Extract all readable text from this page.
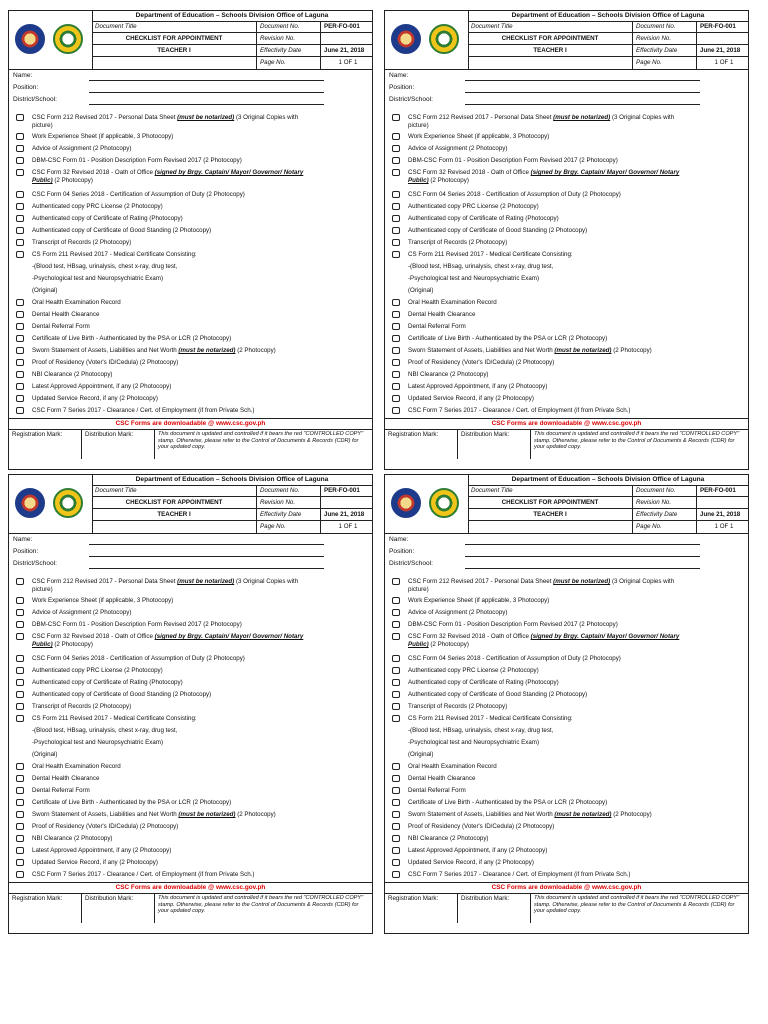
Department of Education – Schools Division Office of Laguna
Document Title	Document No.	PER-FO-001
CHECKLIST FOR APPOINTMENT	Revision No.
TEACHER I	Effectivity Date	June 21, 2018
Page No.	1 OF 1
Name:
Position:
District/School:
CSC Form 212 Revised 2017 - Personal Data Sheet (must be notarized) (3 Original Copies with
picture)
Work Experience Sheet (if applicable, 3 Photocopy)
Advice of Assignment (2 Photocopy)
DBM-CSC Form 01 - Position Description Form Revised 2017 (2 Photocopy)
CSC Form 32 Revised 2018 - Oath of Office (signed by Brgy. Captain/ Mayor/ Governor/ Notary
Public) (2 Photocopy)
CSC Form 04 Series 2018 - Certification of Assumption of Duty (2 Photocopy)
Authenticated copy PRC License (2 Photocopy)
Authenticated copy of Certificate of Rating (Photocopy)
Authenticated copy of Certificate of Good Standing (2 Photocopy)
Transcript of Records (2 Photocopy)
CS Form 211 Revised 2017 - Medical Certificate Consisting:
-(Blood test, HBsag, urinalysis, chest x-ray, drug test,
-Psychological test and Neuropsychiatric Exam)
(Original)
Oral Health Examination Record
Dental Health Clearance
Dental Referral Form
Certificate of Live Birth - Authenticated by the PSA or LCR (2 Photocopy)
Sworn Statement of Assets, Liabilities and Net Worth (must be notarized) (2 Photocopy)
Proof of Residency (Voter's ID/Cedula) (2 Photocopy)
NBI Clearance (2 Photocopy)
Latest Approved Appointment, if any (2 Photocopy)
Updated Service Record, if any (2 Photocopy)
CSC Form 7 Series 2017 - Clearance / Cert. of Employment (if from Private Sch.)
CSC Forms are downloadable @ www.csc.gov.ph
Registration Mark:	Distribution Mark:	This document is updated and controlled if it bears the red "CONTROLLED COPY" stamp. Otherwise, please refer to the Control of Documents & Records (CDR) for your updated copy.
Department of Education – Schools Division Office of Laguna
Document Title	Document No.	PER-FO-001
CHECKLIST FOR APPOINTMENT	Revision No.
TEACHER I	Effectivity Date	June 21, 2018
Page No.	1 OF 1
Name:
Position:
District/School:
CSC Form 212 Revised 2017 - Personal Data Sheet (must be notarized) (3 Original Copies with
picture)
Work Experience Sheet (if applicable, 3 Photocopy)
Advice of Assignment (2 Photocopy)
DBM-CSC Form 01 - Position Description Form Revised 2017 (2 Photocopy)
CSC Form 32 Revised 2018 - Oath of Office (signed by Brgy. Captain/ Mayor/ Governor/ Notary
Public) (2 Photocopy)
CSC Form 04 Series 2018 - Certification of Assumption of Duty (2 Photocopy)
Authenticated copy PRC License (2 Photocopy)
Authenticated copy of Certificate of Rating (Photocopy)
Authenticated copy of Certificate of Good Standing (2 Photocopy)
Transcript of Records (2 Photocopy)
CS Form 211 Revised 2017 - Medical Certificate Consisting:
-(Blood test, HBsag, urinalysis, chest x-ray, drug test,
-Psychological test and Neuropsychiatric Exam)
(Original)
Oral Health Examination Record
Dental Health Clearance
Dental Referral Form
Certificate of Live Birth - Authenticated by the PSA or LCR (2 Photocopy)
Sworn Statement of Assets, Liabilities and Net Worth (must be notarized) (2 Photocopy)
Proof of Residency (Voter's ID/Cedula) (2 Photocopy)
NBI Clearance (2 Photocopy)
Latest Approved Appointment, if any (2 Photocopy)
Updated Service Record, if any (2 Photocopy)
CSC Form 7 Series 2017 - Clearance / Cert. of Employment (if from Private Sch.)
CSC Forms are downloadable @ www.csc.gov.ph
Registration Mark:	Distribution Mark:	This document is updated and controlled if it bears the red "CONTROLLED COPY" stamp. Otherwise, please refer to the Control of Documents & Records (CDR) for your updated copy.
Department of Education – Schools Division Office of Laguna
Document Title	Document No.	PER-FO-001
CHECKLIST FOR APPOINTMENT	Revision No.
TEACHER I	Effectivity Date	June 21, 2018
Page No.	1 OF 1
Name:
Position:
District/School:
CSC Form 212 Revised 2017 - Personal Data Sheet (must be notarized) (3 Original Copies with
picture)
Work Experience Sheet (if applicable, 3 Photocopy)
Advice of Assignment (2 Photocopy)
DBM-CSC Form 01 - Position Description Form Revised 2017 (2 Photocopy)
CSC Form 32 Revised 2018 - Oath of Office (signed by Brgy. Captain/ Mayor/ Governor/ Notary
Public) (2 Photocopy)
CSC Form 04 Series 2018 - Certification of Assumption of Duty (2 Photocopy)
Authenticated copy PRC License (2 Photocopy)
Authenticated copy of Certificate of Rating (Photocopy)
Authenticated copy of Certificate of Good Standing (2 Photocopy)
Transcript of Records (2 Photocopy)
CS Form 211 Revised 2017 - Medical Certificate Consisting:
-(Blood test, HBsag, urinalysis, chest x-ray, drug test,
-Psychological test and Neuropsychiatric Exam)
(Original)
Oral Health Examination Record
Dental Health Clearance
Dental Referral Form
Certificate of Live Birth - Authenticated by the PSA or LCR (2 Photocopy)
Sworn Statement of Assets, Liabilities and Net Worth (must be notarized) (2 Photocopy)
Proof of Residency (Voter's ID/Cedula) (2 Photocopy)
NBI Clearance (2 Photocopy)
Latest Approved Appointment, if any (2 Photocopy)
Updated Service Record, if any (2 Photocopy)
CSC Form 7 Series 2017 - Clearance / Cert. of Employment (if from Private Sch.)
CSC Forms are downloadable @ www.csc.gov.ph
Registration Mark:	Distribution Mark:	This document is updated and controlled if it bears the red "CONTROLLED COPY" stamp. Otherwise, please refer to the Control of Documents & Records (CDR) for your updated copy.
Department of Education – Schools Division Office of Laguna
Document Title	Document No.	PER-FO-001
CHECKLIST FOR APPOINTMENT	Revision No.
TEACHER I	Effectivity Date	June 21, 2018
Page No.	1 OF 1
Name:
Position:
District/School:
CSC Form 212 Revised 2017 - Personal Data Sheet (must be notarized) (3 Original Copies with
picture)
Work Experience Sheet (if applicable, 3 Photocopy)
Advice of Assignment (2 Photocopy)
DBM-CSC Form 01 - Position Description Form Revised 2017 (2 Photocopy)
CSC Form 32 Revised 2018 - Oath of Office (signed by Brgy. Captain/ Mayor/ Governor/ Notary
Public) (2 Photocopy)
CSC Form 04 Series 2018 - Certification of Assumption of Duty (2 Photocopy)
Authenticated copy PRC License (2 Photocopy)
Authenticated copy of Certificate of Rating (Photocopy)
Authenticated copy of Certificate of Good Standing (2 Photocopy)
Transcript of Records (2 Photocopy)
CS Form 211 Revised 2017 - Medical Certificate Consisting:
-(Blood test, HBsag, urinalysis, chest x-ray, drug test,
-Psychological test and Neuropsychiatric Exam)
(Original)
Oral Health Examination Record
Dental Health Clearance
Dental Referral Form
Certificate of Live Birth - Authenticated by the PSA or LCR (2 Photocopy)
Sworn Statement of Assets, Liabilities and Net Worth (must be notarized) (2 Photocopy)
Proof of Residency (Voter's ID/Cedula) (2 Photocopy)
NBI Clearance (2 Photocopy)
Latest Approved Appointment, if any (2 Photocopy)
Updated Service Record, if any (2 Photocopy)
CSC Form 7 Series 2017 - Clearance / Cert. of Employment (if from Private Sch.)
CSC Forms are downloadable @ www.csc.gov.ph
Registration Mark:	Distribution Mark:	This document is updated and controlled if it bears the red "CONTROLLED COPY" stamp. Otherwise, please refer to the Control of Documents & Records (CDR) for your updated copy.
